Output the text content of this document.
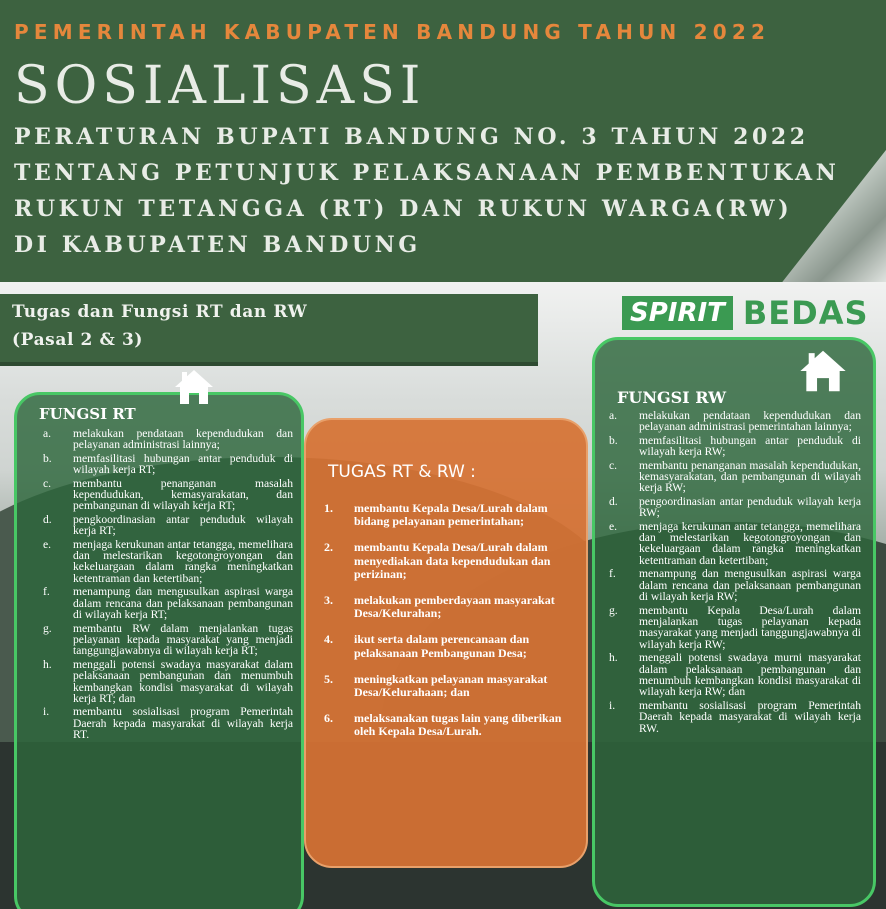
PEMERINTAH KABUPATEN BANDUNG TAHUN 2022
SOSIALISASI
PERATURAN BUPATI BANDUNG NO. 3 TAHUN 2022
TENTANG PETUNJUK PELAKSANAAN PEMBENTUKAN
RUKUN TETANGGA (RT) DAN RUKUN WARGA(RW)
DI KABUPATEN BANDUNG
Tugas dan Fungsi RT dan RW
(Pasal 2 & 3)
SPIRIT BEDAS
FUNGSI RT
a.	melakukan pendataan kependudukan dan pelayanan administrasi lainnya;
b.	memfasilitasi hubungan antar penduduk di wilayah kerja RT;
c.	membantu penanganan masalah kependudukan, kemasyarakatan, dan pembangunan di wilayah kerja RT;
d.	pengkoordinasian antar penduduk wilayah kerja RT;
e.	menjaga kerukunan antar tetangga, memelihara dan melestarikan kegotongroyongan dan kekeluargaan dalam rangka meningkatkan ketentraman dan ketertiban;
f.	menampung dan mengusulkan aspirasi warga dalam rencana dan pelaksanaan pembangunan di wilayah kerja RT;
g.	membantu RW dalam menjalankan tugas pelayanan kepada masyarakat yang menjadi tanggungjawabnya di wilayah kerja RT;
h.	menggali potensi swadaya masyarakat dalam pelaksanaan pembangunan dan menumbuh kembangkan kondisi masyarakat di wilayah kerja RT; dan
i.	membantu sosialisasi program Pemerintah Daerah kepada masyarakat di wilayah kerja RT.
TUGAS RT & RW :
1.	membantu Kepala Desa/Lurah dalam bidang pelayanan pemerintahan;
2.	membantu Kepala Desa/Lurah dalam menyediakan data kependudukan dan perizinan;
3.	melakukan pemberdayaan masyarakat Desa/Kelurahan;
4.	ikut serta dalam perencanaan dan pelaksanaan Pembangunan Desa;
5.	meningkatkan pelayanan masyarakat Desa/Kelurahaan; dan
6.	melaksanakan tugas lain yang diberikan oleh Kepala Desa/Lurah.
FUNGSI RW
a.	melakukan pendataan kependudukan dan pelayanan administrasi pemerintahan lainnya;
b.	memfasilitasi hubungan antar penduduk di wilayah kerja RW;
c.	membantu penanganan masalah kependudukan, kemasyarakatan, dan pembangunan di wilayah kerja RW;
d.	pengoordinasian antar penduduk wilayah kerja RW;
e.	menjaga kerukunan antar tetangga, memelihara dan melestarikan kegotongroyongan dan kekeluargaan dalam rangka meningkatkan ketentraman dan ketertiban;
f.	menampung dan mengusulkan aspirasi warga dalam rencana dan pelaksanaan pembangunan di wilayah kerja RW;
g.	membantu Kepala Desa/Lurah dalam menjalankan tugas pelayanan kepada masyarakat yang menjadi tanggungjawabnya di wilayah kerja RW;
h.	menggali potensi swadaya murni masyarakat dalam pelaksanaan pembangunan dan menumbuh kembangkan kondisi masyarakat di wilayah kerja RW; dan
i.	membantu sosialisasi program Pemerintah Daerah kepada masyarakat di wilayah kerja RW.
